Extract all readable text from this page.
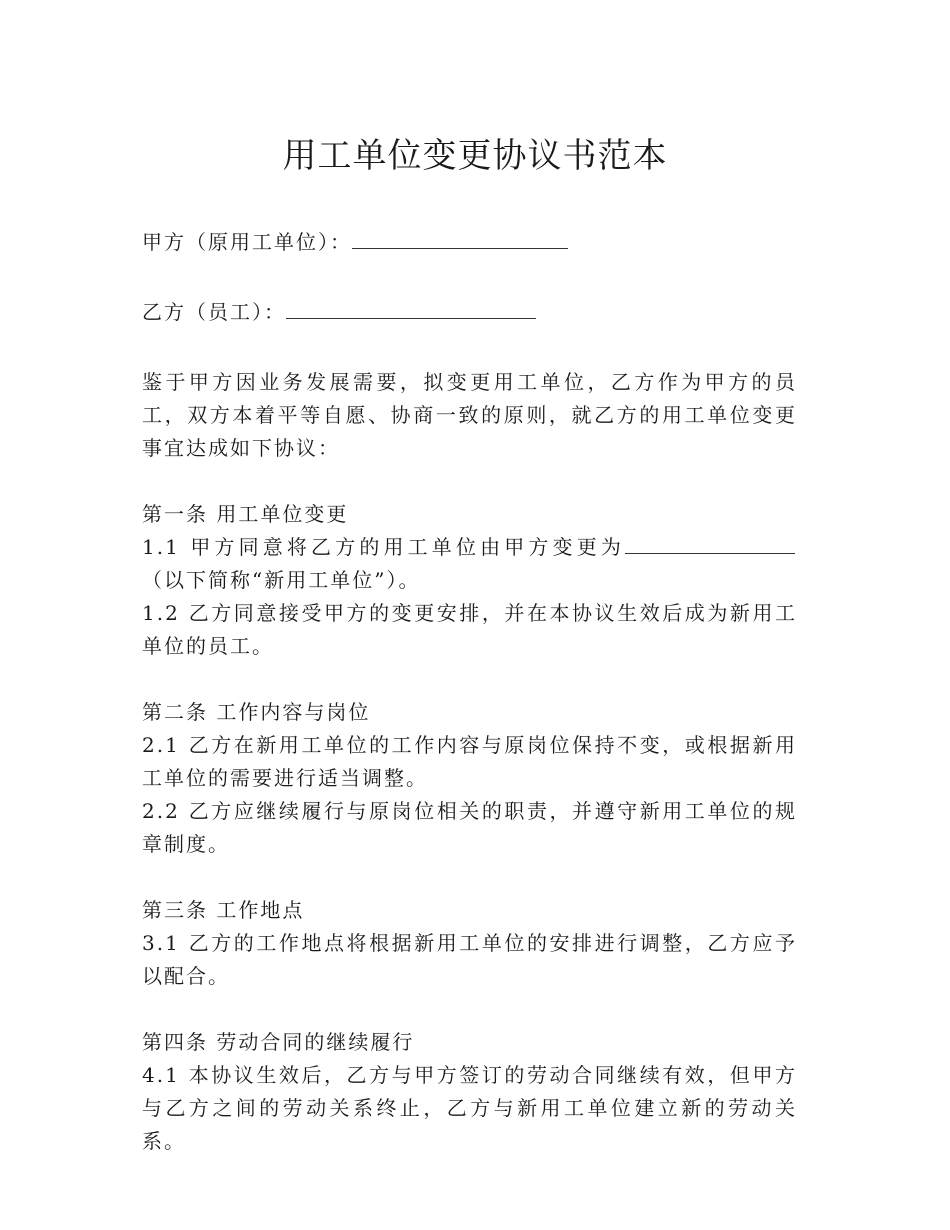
用工单位变更协议书范本

甲方（原用工单位）：

乙方（员工）：

鉴于甲方因业务发展需要，拟变更用工单位，乙方作为甲方的员工，双方本着平等自愿、协商一致的原则，就乙方的用工单位变更事宜达成如下协议：

第一条 用工单位变更

1.1 甲方同意将乙方的用工单位由甲方变更为（以下简称“新用工单位”）。

1.2 乙方同意接受甲方的变更安排，并在本协议生效后成为新用工单位的员工。

第二条 工作内容与岗位

2.1 乙方在新用工单位的工作内容与原岗位保持不变，或根据新用工单位的需要进行适当调整。

2.2 乙方应继续履行与原岗位相关的职责，并遵守新用工单位的规章制度。

第三条 工作地点

3.1 乙方的工作地点将根据新用工单位的安排进行调整，乙方应予以配合。

第四条 劳动合同的继续履行

4.1 本协议生效后，乙方与甲方签订的劳动合同继续有效，但甲方与乙方之间的劳动关系终止，乙方与新用工单位建立新的劳动关系。
